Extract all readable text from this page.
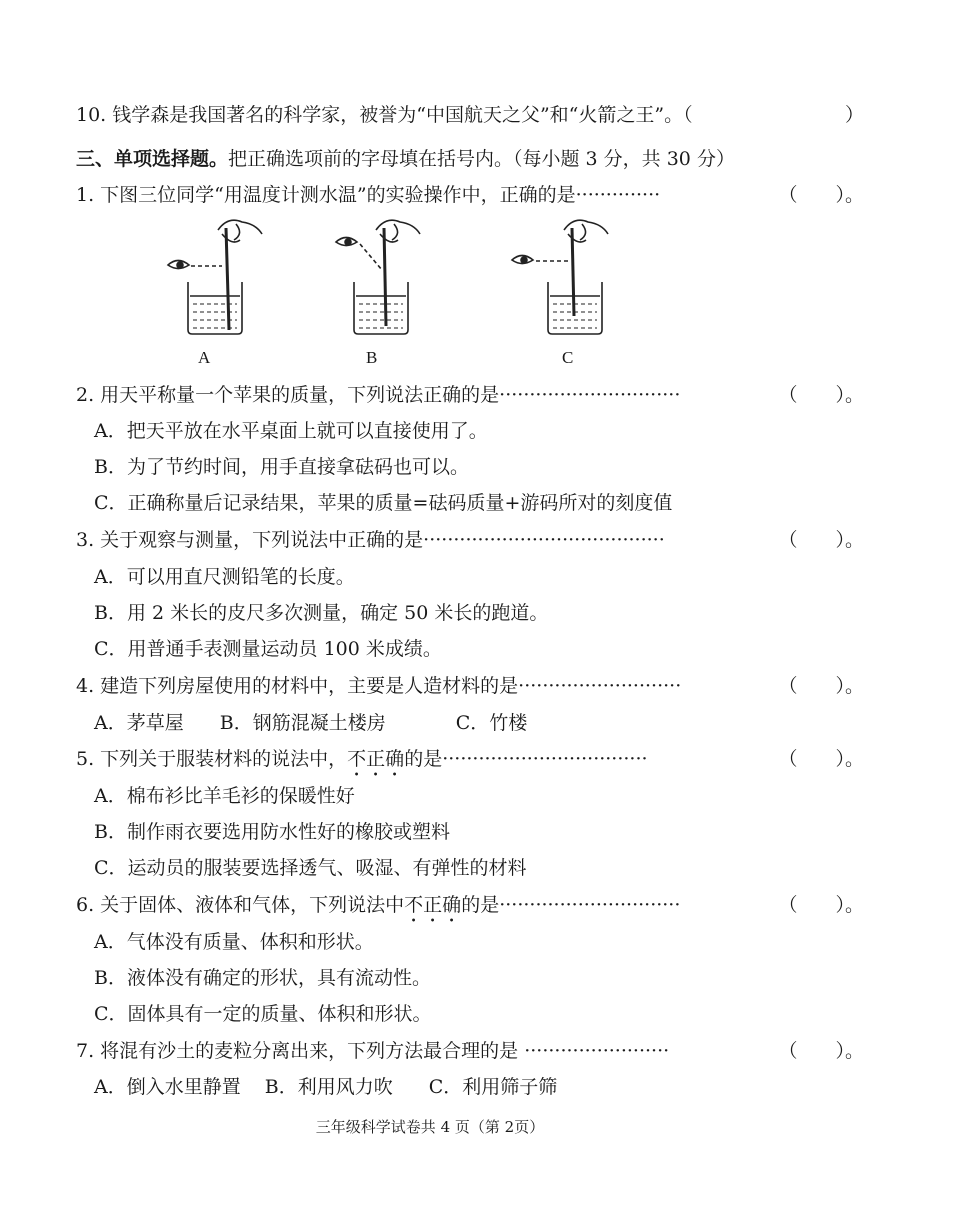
10. 钱学森是我国著名的科学家，被誉为“中国航天之父”和“火箭之王”。（	）
三、单项选择题。把正确选项前的字母填在括号内。（每小题 3 分，共 30 分）
1. 下图三位同学“用温度计测水温”的实验操作中，正确的是··············	（　　）。
A	B	C
2. 用天平称量一个苹果的质量，下列说法正确的是······························	（　　）。
A．把天平放在水平桌面上就可以直接使用了。
B．为了节约时间，用手直接拿砝码也可以。
C．正确称量后记录结果，苹果的质量=砝码质量+游码所对的刻度值
3. 关于观察与测量，下列说法中正确的是········································	（　　）。
A．可以用直尺测铅笔的长度。
B．用 2 米长的皮尺多次测量，确定 50 米长的跑道。
C．用普通手表测量运动员 100 米成绩。
4. 建造下列房屋使用的材料中，主要是人造材料的是···························	（　　）。
A．茅草屋 B．钢筋混凝土楼房	C．竹楼
5. 下列关于服装材料的说法中，不正确的是··································	（　　）。
A．棉布衫比羊毛衫的保暖性好
B．制作雨衣要选用防水性好的橡胶或塑料
C．运动员的服装要选择透气、吸湿、有弹性的材料
6. 关于固体、液体和气体，下列说法中不正确的是······························	（　　）。
A．气体没有质量、体积和形状。
B．液体没有确定的形状，具有流动性。
C．固体具有一定的质量、体积和形状。
7. 将混有沙土的麦粒分离出来，下列方法最合理的是 ························	（　　）。
A．倒入水里静置 B．利用风力吹 C．利用筛子筛
三年级科学试卷共 4 页（第 2页）
